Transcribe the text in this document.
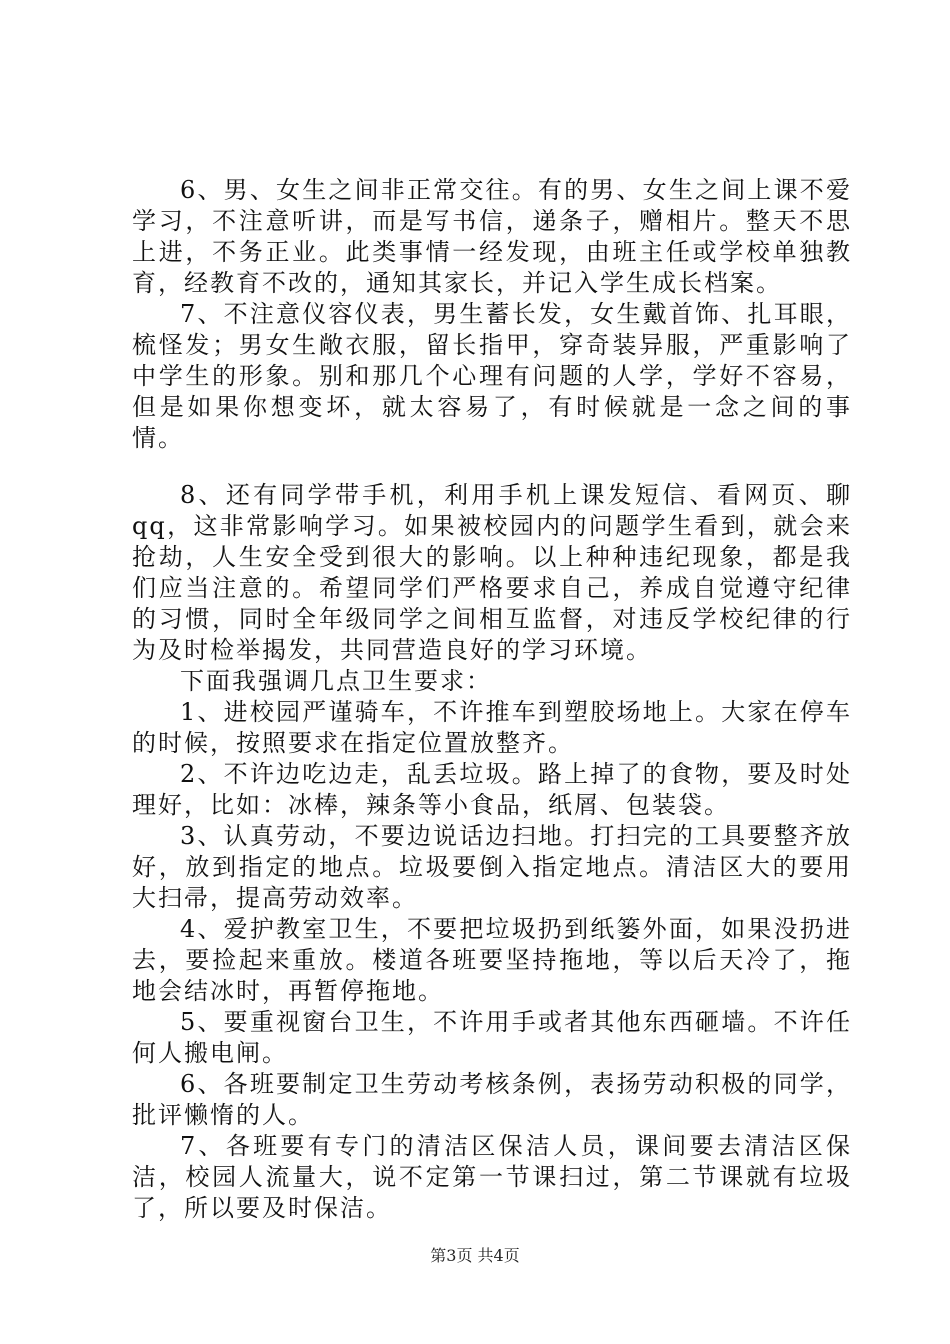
6、男、女生之间非正常交往。有的男、女生之间上课不爱学习，不注意听讲，而是写书信，递条子，赠相片。整天不思上进，不务正业。此类事情一经发现，由班主任或学校单独教育，经教育不改的，通知其家长，并记入学生成长档案。

7、不注意仪容仪表，男生蓄长发，女生戴首饰、扎耳眼，梳怪发；男女生敞衣服，留长指甲，穿奇装异服，严重影响了中学生的形象。别和那几个心理有问题的人学，学好不容易，但是如果你想变坏，就太容易了，有时候就是一念之间的事情。

8、还有同学带手机，利用手机上课发短信、看网页、聊qq，这非常影响学习。如果被校园内的问题学生看到，就会来抢劫，人生安全受到很大的影响。以上种种违纪现象，都是我们应当注意的。希望同学们严格要求自己，养成自觉遵守纪律的习惯，同时全年级同学之间相互监督，对违反学校纪律的行为及时检举揭发，共同营造良好的学习环境。

下面我强调几点卫生要求：

1、进校园严谨骑车，不许推车到塑胶场地上。大家在停车的时候，按照要求在指定位置放整齐。

2、不许边吃边走，乱丢垃圾。路上掉了的食物，要及时处理好，比如：冰棒，辣条等小食品，纸屑、包装袋。

3、认真劳动，不要边说话边扫地。打扫完的工具要整齐放好，放到指定的地点。垃圾要倒入指定地点。清洁区大的要用大扫帚，提高劳动效率。

4、爱护教室卫生，不要把垃圾扔到纸篓外面，如果没扔进去，要捡起来重放。楼道各班要坚持拖地，等以后天冷了，拖地会结冰时，再暂停拖地。

5、要重视窗台卫生，不许用手或者其他东西砸墙。不许任何人搬电闸。

6、各班要制定卫生劳动考核条例，表扬劳动积极的同学，批评懒惰的人。

7、各班要有专门的清洁区保洁人员，课间要去清洁区保洁，校园人流量大，说不定第一节课扫过，第二节课就有垃圾了，所以要及时保洁。

第3页 共4页
